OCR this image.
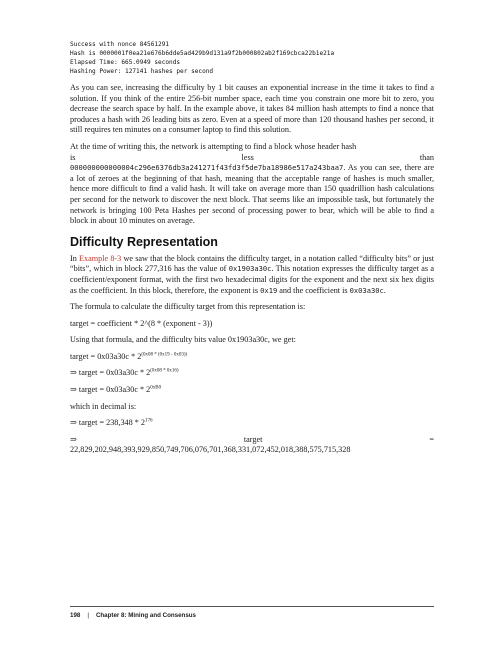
Success with nonce 84561291
Hash is 0000001f0ea21e676b6dde5ad429b9d131a9f2b000802ab2f169cbca22b1e21a
Elapsed Time: 665.0949 seconds
Hashing Power: 127141 hashes per second

As you can see, increasing the difficulty by 1 bit causes an exponential increase in the time it takes to find a solution. If you think of the entire 256-bit number space, each time you constrain one more bit to zero, you decrease the search space by half. In the example above, it takes 84 million hash attempts to find a nonce that produces a hash with 26 leading bits as zero. Even at a speed of more than 120 thousand hashes per second, it still requires ten minutes on a consumer laptop to find this solution.

At the time of writing this, the network is attempting to find a block whose header hash

is	less	than

000000000000004c296e6376db3a241271f43fd3f5de7ba18986e517a243baa7. As you can see, there are a lot of zeroes at the beginning of that hash, meaning that the acceptable range of hashes is much smaller, hence more difficult to find a valid hash. It will take on average more than 150 quadrillion hash calculations per second for the network to discover the next block. That seems like an impossible task, but fortunately the network is bringing 100 Peta Hashes per second of processing power to bear, which will be able to find a block in about 10 minutes on average.

Difficulty Representation

In Example 8-3 we saw that the block contains the difficulty target, in a notation called “difficulty bits” or just “bits”, which in block 277,316 has the value of 0x1903a30c. This notation expresses the difficulty target as a coefficient/exponent format, with the first two hexadecimal digits for the exponent and the next six hex digits as the coefficient. In this block, therefore, the exponent is 0x19 and the coefficient is 0x03a30c.

The formula to calculate the difficulty target from this representation is:

target = coefficient * 2^(8 * (exponent - 3))

Using that formula, and the difficulty bits value 0x1903a30c, we get:

target = $0x03a30c * 2^{(0x08 * (0x19 - 0x03))}$

⇒ target = $0x03a30c * 2^{(0x08 * 0x16)}$

⇒ target = $0x03a30c * 2^{0xB0}$

which in decimal is:

⇒ target = $238,348 * 2^{176}$

⇒	target	=

22,829,202,948,393,929,850,749,706,076,701,368,331,072,452,018,388,575,715,328

198 | Chapter 8: Mining and Consensus
